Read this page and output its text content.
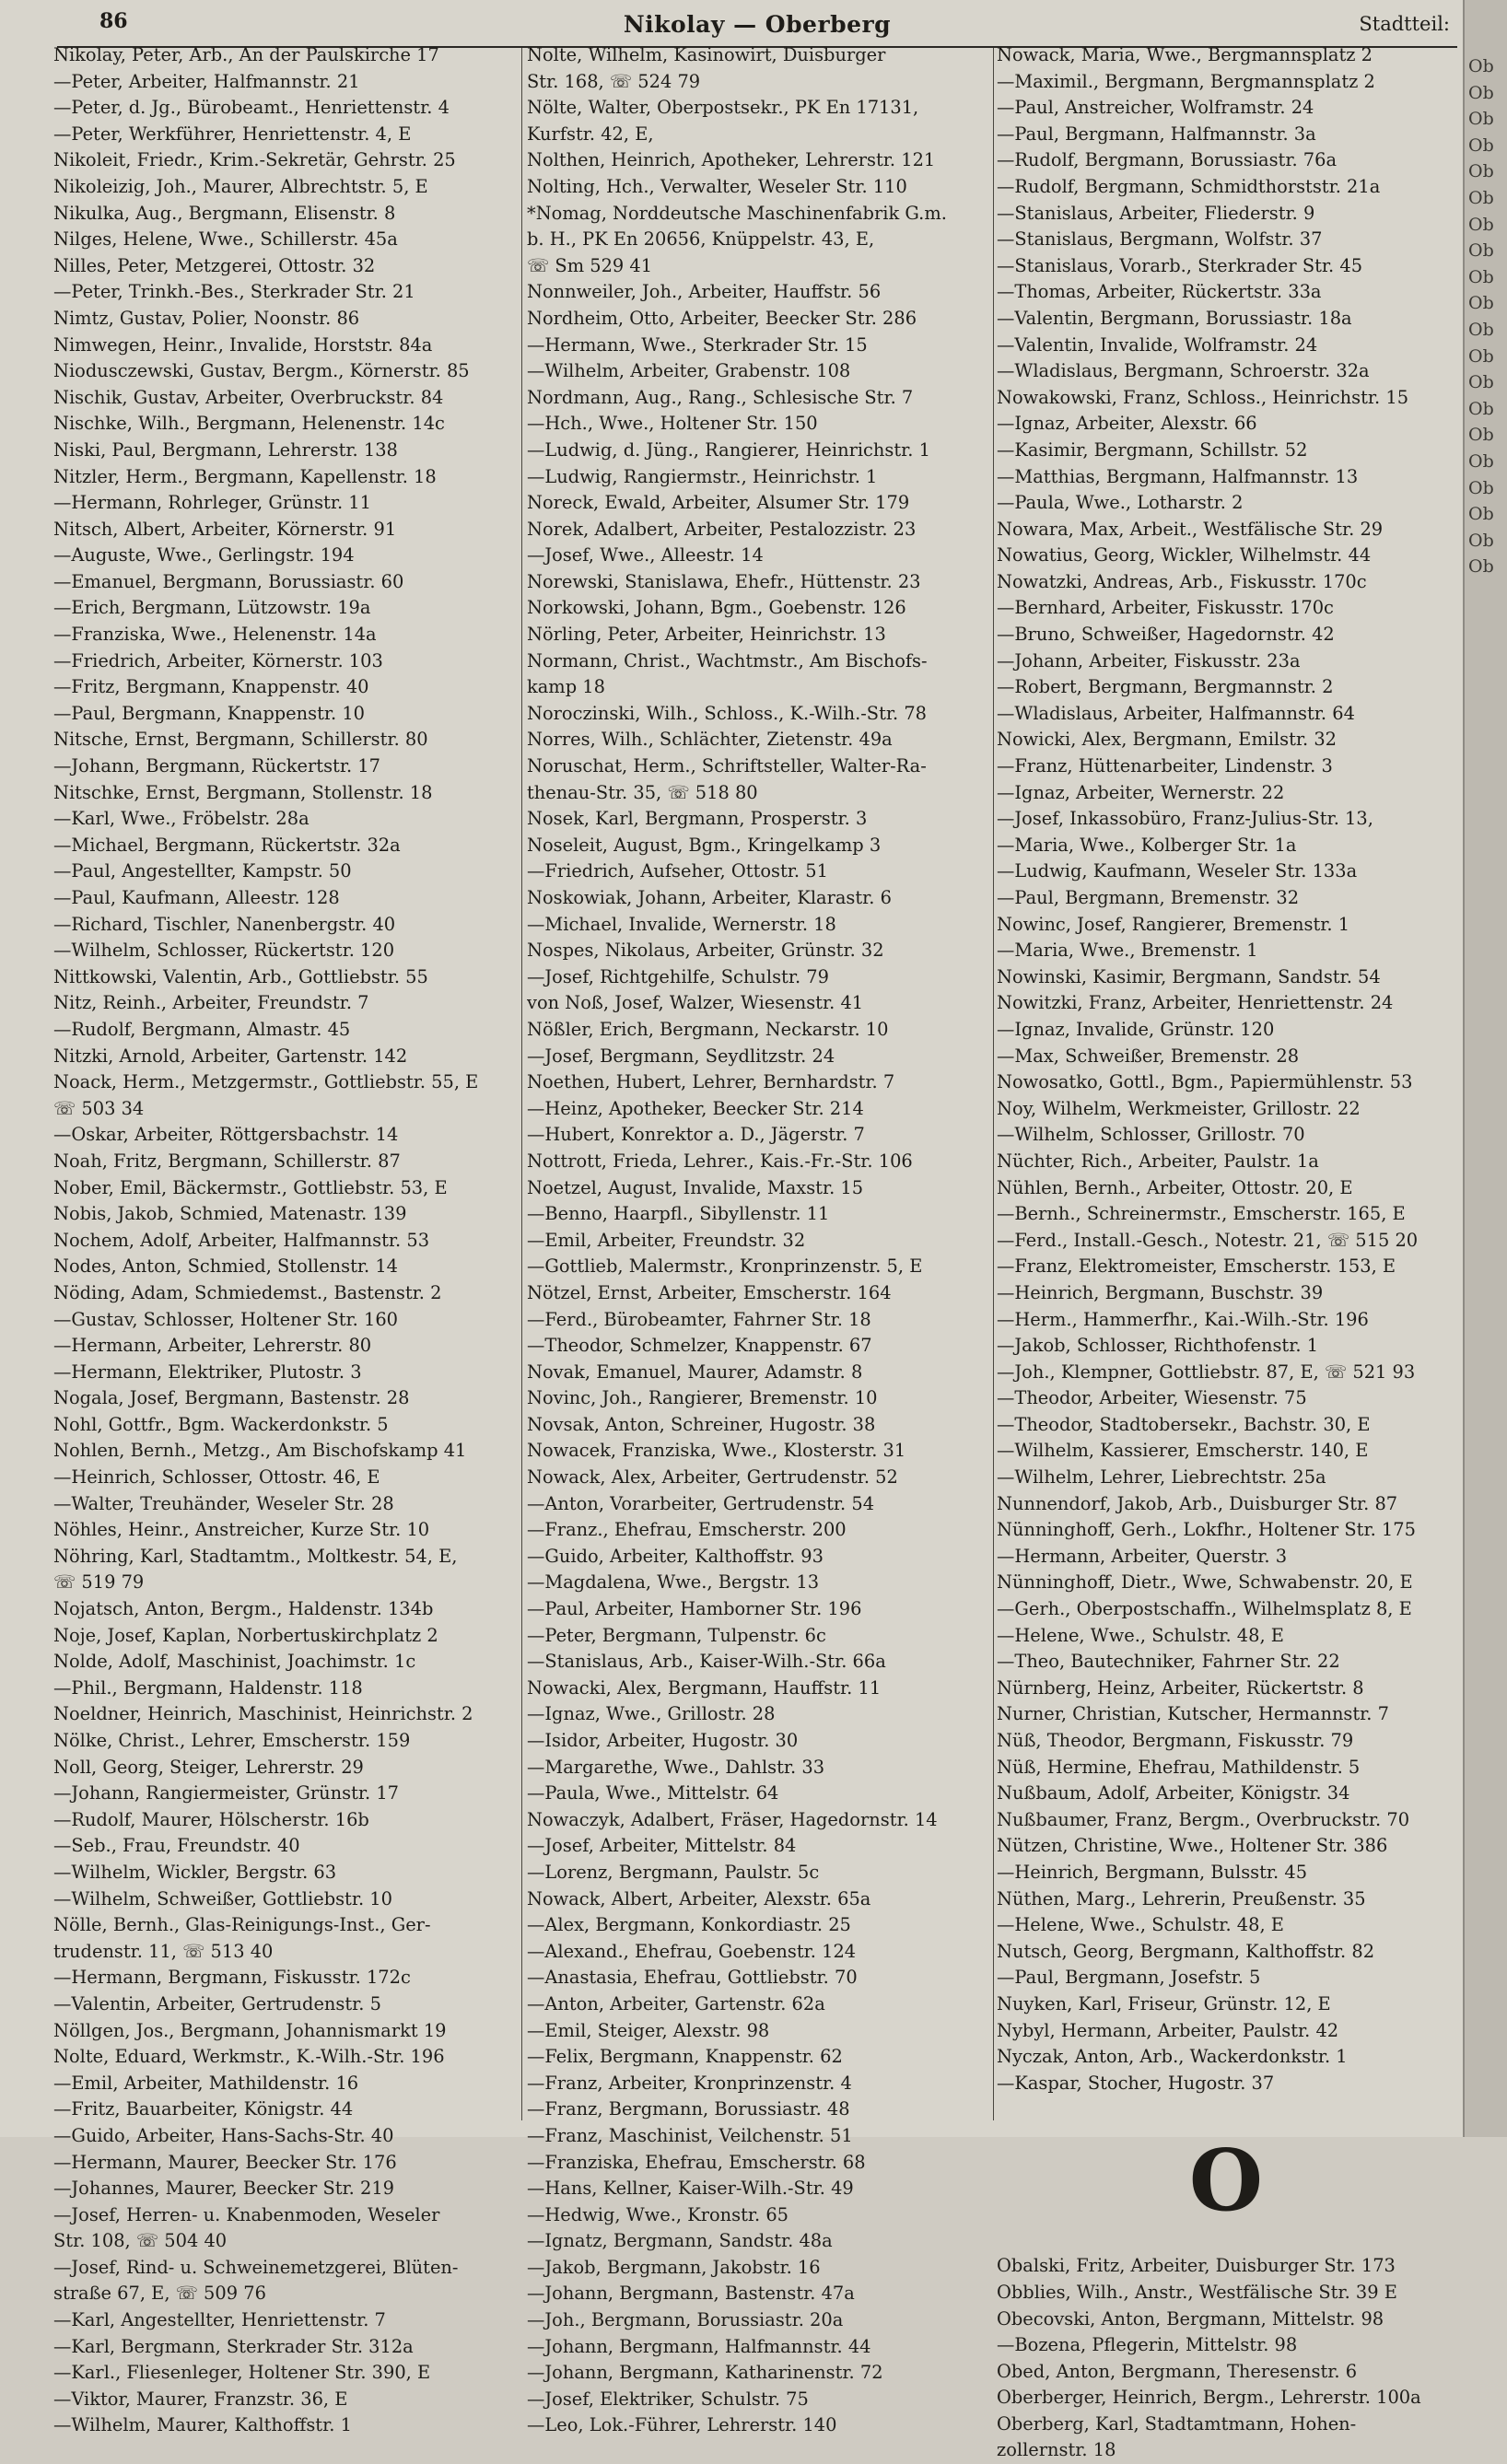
86	Nikolay — Oberberg	Stadtteil:
Nikolay, Peter, Arb., An der Paulskirche 17
—Peter, Arbeiter, Halfmannstr. 21
—Peter, d. Jg., Bürobeamt., Henriettenstr. 4
—Peter, Werkführer, Henriettenstr. 4, E
Nikoleit, Friedr., Krim.-Sekretär, Gehrstr. 25
Nikoleizig, Joh., Maurer, Albrechtstr. 5, E
Nikulka, Aug., Bergmann, Elisenstr. 8
Nilges, Helene, Wwe., Schillerstr. 45a
Nilles, Peter, Metzgerei, Ottostr. 32
—Peter, Trinkh.-Bes., Sterkrader Str. 21
Nimtz, Gustav, Polier, Noonstr. 86
Nimwegen, Heinr., Invalide, Horststr. 84a
Niodusczewski, Gustav, Bergm., Körnerstr. 85
Nischik, Gustav, Arbeiter, Overbruckstr. 84
Nischke, Wilh., Bergmann, Helenenstr. 14c
Niski, Paul, Bergmann, Lehrerstr. 138
Nitzler, Herm., Bergmann, Kapellenstr. 18
—Hermann, Rohrleger, Grünstr. 11
Nitsch, Albert, Arbeiter, Körnerstr. 91
—Auguste, Wwe., Gerlingstr. 194
—Emanuel, Bergmann, Borussiastr. 60
—Erich, Bergmann, Lützowstr. 19a
—Franziska, Wwe., Helenenstr. 14a
—Friedrich, Arbeiter, Körnerstr. 103
—Fritz, Bergmann, Knappenstr. 40
—Paul, Bergmann, Knappenstr. 10
Nitsche, Ernst, Bergmann, Schillerstr. 80
—Johann, Bergmann, Rückertstr. 17
Nitschke, Ernst, Bergmann, Stollenstr. 18
—Karl, Wwe., Fröbelstr. 28a
—Michael, Bergmann, Rückertstr. 32a
—Paul, Angestellter, Kampstr. 50
—Paul, Kaufmann, Alleestr. 128
—Richard, Tischler, Nanenbergstr. 40
—Wilhelm, Schlosser, Rückertstr. 120
Nittkowski, Valentin, Arb., Gottliebstr. 55
Nitz, Reinh., Arbeiter, Freundstr. 7
—Rudolf, Bergmann, Almastr. 45
Nitzki, Arnold, Arbeiter, Gartenstr. 142
Noack, Herm., Metzgermstr., Gottliebstr. 55, E
☏ 503 34
—Oskar, Arbeiter, Röttgersbachstr. 14
Noah, Fritz, Bergmann, Schillerstr. 87
Nober, Emil, Bäckermstr., Gottliebstr. 53, E
Nobis, Jakob, Schmied, Matenastr. 139
Nochem, Adolf, Arbeiter, Halfmannstr. 53
Nodes, Anton, Schmied, Stollenstr. 14
Nöding, Adam, Schmiedemst., Bastenstr. 2
—Gustav, Schlosser, Holtener Str. 160
—Hermann, Arbeiter, Lehrerstr. 80
—Hermann, Elektriker, Plutostr. 3
Nogala, Josef, Bergmann, Bastenstr. 28
Nohl, Gottfr., Bgm. Wackerdonkstr. 5
Nohlen, Bernh., Metzg., Am Bischofskamp 41
—Heinrich, Schlosser, Ottostr. 46, E
—Walter, Treuhänder, Weseler Str. 28
Nöhles, Heinr., Anstreicher, Kurze Str. 10
Nöhring, Karl, Stadtamtm., Moltkestr. 54, E,
☏ 519 79
Nojatsch, Anton, Bergm., Haldenstr. 134b
Noje, Josef, Kaplan, Norbertuskirchplatz 2
Nolde, Adolf, Maschinist, Joachimstr. 1c
—Phil., Bergmann, Haldenstr. 118
Noeldner, Heinrich, Maschinist, Heinrichstr. 2
Nölke, Christ., Lehrer, Emscherstr. 159
Noll, Georg, Steiger, Lehrerstr. 29
—Johann, Rangiermeister, Grünstr. 17
—Rudolf, Maurer, Hölscherstr. 16b
—Seb., Frau, Freundstr. 40
—Wilhelm, Wickler, Bergstr. 63
—Wilhelm, Schweißer, Gottliebstr. 10
Nölle, Bernh., Glas-Reinigungs-Inst., Ger-
trudenstr. 11, ☏ 513 40
—Hermann, Bergmann, Fiskusstr. 172c
—Valentin, Arbeiter, Gertrudenstr. 5
Nöllgen, Jos., Bergmann, Johannismarkt 19
Nolte, Eduard, Werkmstr., K.-Wilh.-Str. 196
—Emil, Arbeiter, Mathildenstr. 16
—Fritz, Bauarbeiter, Königstr. 44
—Guido, Arbeiter, Hans-Sachs-Str. 40
—Hermann, Maurer, Beecker Str. 176
—Johannes, Maurer, Beecker Str. 219
—Josef, Herren- u. Knabenmoden, Weseler
Str. 108, ☏ 504 40
—Josef, Rind- u. Schweinemetzgerei, Blüten-
straße 67, E, ☏ 509 76
—Karl, Angestellter, Henriettenstr. 7
—Karl, Bergmann, Sterkrader Str. 312a
—Karl., Fliesenleger, Holtener Str. 390, E
—Viktor, Maurer, Franzstr. 36, E
—Wilhelm, Maurer, Kalthoffstr. 1
Nolte, Wilhelm, Kasinowirt, Duisburger
Str. 168, ☏ 524 79
Nölte, Walter, Oberpostsekr., PK En 17131,
Kurfstr. 42, E,
Nolthen, Heinrich, Apotheker, Lehrerstr. 121
Nolting, Hch., Verwalter, Weseler Str. 110
*Nomag, Norddeutsche Maschinenfabrik G.m.
b. H., PK En 20656, Knüppelstr. 43, E,
☏ Sm 529 41
Nonnweiler, Joh., Arbeiter, Hauffstr. 56
Nordheim, Otto, Arbeiter, Beecker Str. 286
—Hermann, Wwe., Sterkrader Str. 15
—Wilhelm, Arbeiter, Grabenstr. 108
Nordmann, Aug., Rang., Schlesische Str. 7
—Hch., Wwe., Holtener Str. 150
—Ludwig, d. Jüng., Rangierer, Heinrichstr. 1
—Ludwig, Rangiermstr., Heinrichstr. 1
Noreck, Ewald, Arbeiter, Alsumer Str. 179
Norek, Adalbert, Arbeiter, Pestalozzistr. 23
—Josef, Wwe., Alleestr. 14
Norewski, Stanislawa, Ehefr., Hüttenstr. 23
Norkowski, Johann, Bgm., Goebenstr. 126
Nörling, Peter, Arbeiter, Heinrichstr. 13
Normann, Christ., Wachtmstr., Am Bischofs-
kamp 18
Noroczinski, Wilh., Schloss., K.-Wilh.-Str. 78
Norres, Wilh., Schlächter, Zietenstr. 49a
Noruschat, Herm., Schriftsteller, Walter-Ra-
thenau-Str. 35, ☏ 518 80
Nosek, Karl, Bergmann, Prosperstr. 3
Noseleit, August, Bgm., Kringelkamp 3
—Friedrich, Aufseher, Ottostr. 51
Noskowiak, Johann, Arbeiter, Klarastr. 6
—Michael, Invalide, Wernerstr. 18
Nospes, Nikolaus, Arbeiter, Grünstr. 32
—Josef, Richtgehilfe, Schulstr. 79
von Noß, Josef, Walzer, Wiesenstr. 41
Nößler, Erich, Bergmann, Neckarstr. 10
—Josef, Bergmann, Seydlitzstr. 24
Noethen, Hubert, Lehrer, Bernhardstr. 7
—Heinz, Apotheker, Beecker Str. 214
—Hubert, Konrektor a. D., Jägerstr. 7
Nottrott, Frieda, Lehrer., Kais.-Fr.-Str. 106
Noetzel, August, Invalide, Maxstr. 15
—Benno, Haarpfl., Sibyllenstr. 11
—Emil, Arbeiter, Freundstr. 32
—Gottlieb, Malermstr., Kronprinzenstr. 5, E
Nötzel, Ernst, Arbeiter, Emscherstr. 164
—Ferd., Bürobeamter, Fahrner Str. 18
—Theodor, Schmelzer, Knappenstr. 67
Novak, Emanuel, Maurer, Adamstr. 8
Novinc, Joh., Rangierer, Bremenstr. 10
Novsak, Anton, Schreiner, Hugostr. 38
Nowacek, Franziska, Wwe., Klosterstr. 31
Nowack, Alex, Arbeiter, Gertrudenstr. 52
—Anton, Vorarbeiter, Gertrudenstr. 54
—Franz., Ehefrau, Emscherstr. 200
—Guido, Arbeiter, Kalthoffstr. 93
—Magdalena, Wwe., Bergstr. 13
—Paul, Arbeiter, Hamborner Str. 196
—Peter, Bergmann, Tulpenstr. 6c
—Stanislaus, Arb., Kaiser-Wilh.-Str. 66a
Nowacki, Alex, Bergmann, Hauffstr. 11
—Ignaz, Wwe., Grillostr. 28
—Isidor, Arbeiter, Hugostr. 30
—Margarethe, Wwe., Dahlstr. 33
—Paula, Wwe., Mittelstr. 64
Nowaczyk, Adalbert, Fräser, Hagedornstr. 14
—Josef, Arbeiter, Mittelstr. 84
—Lorenz, Bergmann, Paulstr. 5c
Nowack, Albert, Arbeiter, Alexstr. 65a
—Alex, Bergmann, Konkordiastr. 25
—Alexand., Ehefrau, Goebenstr. 124
—Anastasia, Ehefrau, Gottliebstr. 70
—Anton, Arbeiter, Gartenstr. 62a
—Emil, Steiger, Alexstr. 98
—Felix, Bergmann, Knappenstr. 62
—Franz, Arbeiter, Kronprinzenstr. 4
—Franz, Bergmann, Borussiastr. 48
—Franz, Maschinist, Veilchenstr. 51
—Franziska, Ehefrau, Emscherstr. 68
—Hans, Kellner, Kaiser-Wilh.-Str. 49
—Hedwig, Wwe., Kronstr. 65
—Ignatz, Bergmann, Sandstr. 48a
—Jakob, Bergmann, Jakobstr. 16
—Johann, Bergmann, Bastenstr. 47a
—Joh., Bergmann, Borussiastr. 20a
—Johann, Bergmann, Halfmannstr. 44
—Johann, Bergmann, Katharinenstr. 72
—Josef, Elektriker, Schulstr. 75
—Leo, Lok.-Führer, Lehrerstr. 140
Nowack, Maria, Wwe., Bergmannsplatz 2
—Maximil., Bergmann, Bergmannsplatz 2
—Paul, Anstreicher, Wolframstr. 24
—Paul, Bergmann, Halfmannstr. 3a
—Rudolf, Bergmann, Borussiastr. 76a
—Rudolf, Bergmann, Schmidthorststr. 21a
—Stanislaus, Arbeiter, Fliederstr. 9
—Stanislaus, Bergmann, Wolfstr. 37
—Stanislaus, Vorarb., Sterkrader Str. 45
—Thomas, Arbeiter, Rückertstr. 33a
—Valentin, Bergmann, Borussiastr. 18a
—Valentin, Invalide, Wolframstr. 24
—Wladislaus, Bergmann, Schroerstr. 32a
Nowakowski, Franz, Schloss., Heinrichstr. 15
—Ignaz, Arbeiter, Alexstr. 66
—Kasimir, Bergmann, Schillstr. 52
—Matthias, Bergmann, Halfmannstr. 13
—Paula, Wwe., Lotharstr. 2
Nowara, Max, Arbeit., Westfälische Str. 29
Nowatius, Georg, Wickler, Wilhelmstr. 44
Nowatzki, Andreas, Arb., Fiskusstr. 170c
—Bernhard, Arbeiter, Fiskusstr. 170c
—Bruno, Schweißer, Hagedornstr. 42
—Johann, Arbeiter, Fiskusstr. 23a
—Robert, Bergmann, Bergmannstr. 2
—Wladislaus, Arbeiter, Halfmannstr. 64
Nowicki, Alex, Bergmann, Emilstr. 32
—Franz, Hüttenarbeiter, Lindenstr. 3
—Ignaz, Arbeiter, Wernerstr. 22
—Josef, Inkassobüro, Franz-Julius-Str. 13,
—Maria, Wwe., Kolberger Str. 1a
—Ludwig, Kaufmann, Weseler Str. 133a
—Paul, Bergmann, Bremenstr. 32
Nowinc, Josef, Rangierer, Bremenstr. 1
—Maria, Wwe., Bremenstr. 1
Nowinski, Kasimir, Bergmann, Sandstr. 54
Nowitzki, Franz, Arbeiter, Henriettenstr. 24
—Ignaz, Invalide, Grünstr. 120
—Max, Schweißer, Bremenstr. 28
Nowosatko, Gottl., Bgm., Papiermühlenstr. 53
Noy, Wilhelm, Werkmeister, Grillostr. 22
—Wilhelm, Schlosser, Grillostr. 70
Nüchter, Rich., Arbeiter, Paulstr. 1a
Nühlen, Bernh., Arbeiter, Ottostr. 20, E
—Bernh., Schreinermstr., Emscherstr. 165, E
—Ferd., Install.-Gesch., Notestr. 21, ☏ 515 20
—Franz, Elektromeister, Emscherstr. 153, E
—Heinrich, Bergmann, Buschstr. 39
—Herm., Hammerfhr., Kai.-Wilh.-Str. 196
—Jakob, Schlosser, Richthofenstr. 1
—Joh., Klempner, Gottliebstr. 87, E, ☏ 521 93
—Theodor, Arbeiter, Wiesenstr. 75
—Theodor, Stadtobersekr., Bachstr. 30, E
—Wilhelm, Kassierer, Emscherstr. 140, E
—Wilhelm, Lehrer, Liebrechtstr. 25a
Nunnendorf, Jakob, Arb., Duisburger Str. 87
Nünninghoff, Gerh., Lokfhr., Holtener Str. 175
—Hermann, Arbeiter, Querstr. 3
Nünninghoff, Dietr., Wwe, Schwabenstr. 20, E
—Gerh., Oberpostschaffn., Wilhelmsplatz 8, E
—Helene, Wwe., Schulstr. 48, E
—Theo, Bautechniker, Fahrner Str. 22
Nürnberg, Heinz, Arbeiter, Rückertstr. 8
Nurner, Christian, Kutscher, Hermannstr. 7
Nüß, Theodor, Bergmann, Fiskusstr. 79
Nüß, Hermine, Ehefrau, Mathildenstr. 5
Nußbaum, Adolf, Arbeiter, Königstr. 34
Nußbaumer, Franz, Bergm., Overbruckstr. 70
Nützen, Christine, Wwe., Holtener Str. 386
—Heinrich, Bergmann, Bulsstr. 45
Nüthen, Marg., Lehrerin, Preußenstr. 35
—Helene, Wwe., Schulstr. 48, E
Nutsch, Georg, Bergmann, Kalthoffstr. 82
—Paul, Bergmann, Josefstr. 5
Nuyken, Karl, Friseur, Grünstr. 12, E
Nybyl, Hermann, Arbeiter, Paulstr. 42
Nyczak, Anton, Arb., Wackerdonkstr. 1
—Kaspar, Stocher, Hugostr. 37
O
Obalski, Fritz, Arbeiter, Duisburger Str. 173
Obblies, Wilh., Anstr., Westfälische Str. 39 E
Obecovski, Anton, Bergmann, Mittelstr. 98
—Bozena, Pflegerin, Mittelstr. 98
Obed, Anton, Bergmann, Theresenstr. 6
Oberberger, Heinrich, Bergm., Lehrerstr. 100a
Oberberg, Karl, Stadtamtmann, Hohen-
zollernstr. 18
Ob
Ob
Ob
Ob
Ob
Ob
Ob
Ob
Ob
Ob
Ob
Ob
Ob
Ob
Ob
Ob
Ob
Ob
Ob
Ob
